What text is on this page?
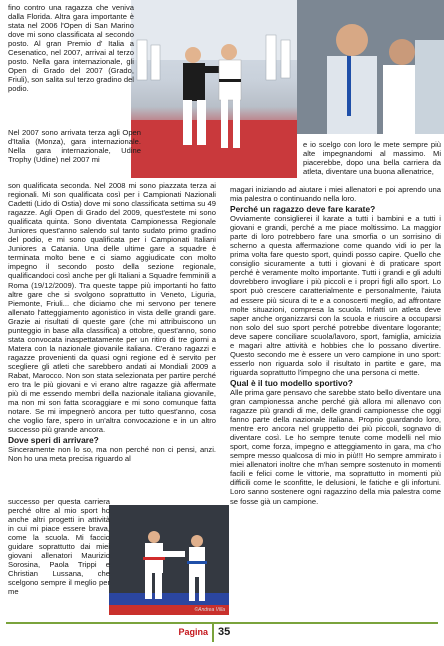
©Andrea Villa

fino contro una ragazza che veniva dalla Florida. Altra gara importante è stata nel 2006 l'Open di San Marino dove mi sono classificata al secondo posto. Al gran Premio d' Italia a Cesenatico, nel 2007, arrivai al terzo posto. Nella gara internazionale, gli Open di Grado del 2007 (Grado, Friuli), son salita sul terzo gradino del podio.

Nel 2007 sono arrivata terza agli Open d'Italia (Monza), gara internazionale. Nella gara internazionale, Udine Trophy (Udine) nel 2007 mi

son qualificata seconda. Nel 2008 mi sono piazzata terza ai regionali. Mi son qualificata così per i Campionati Nazionali Cadetti (Lido di Ostia) dove mi sono classificata settima su 49 ragazze. Agli Open di Grado del 2009, quest'estete mi sono qualificata quinta. Sono diventata Campionessa Regionale Juniores quest'anno salendo sul tanto sudato primo gradino del podio, e mi sono qualificata per i Campionati Italiani Juniores a Catania. Una delle ultime gare a squadre è terminata molto bene e ci siamo aggiudicate con molto impegno il secondo posto della sezione regionale, qualificandoci così anche per gli Italiani a Squadre femminili a Roma (19/12/2009). Tra queste tappe più importanti ho fatto altre gare che si svolgono soprattutto in Veneto, Liguria, Piemonte, Friuli... che diciamo che mi servono per tenere allenato l'atteggiamento agonistico in vista delle grandi gare. Grazie ai risultati di queste gare (che mi attribuiscono un punteggio in base alla classifica) a ottobre, quest'anno, sono stata convocata inaspettatamente per un ritiro di tre giorni a Matera con la nazionale giovanile italiana. C'erano ragazzi e ragazze provenienti da quasi ogni regione ed è servito per scegliere gli atleti che sarebbero andati ai Mondiali 2009 a Rabat, Marocco. Non son stata selezionata per partire perché ero tra le più giovani e vi erano altre ragazze già affermate più di me essendo membri della nazionale italiana giovanile, ma non mi son fatta scoraggiare e mi sono comunque fatta notare. Se mi impegnerò ancora per tutto quest'anno, cosa che voglio fare, spero in un'altra convocazione e in un altro successo più grande ancora.

Dove speri di arrivare?

Sinceramente non lo so, ma non perché non ci pensi, anzi. Non ho una meta precisa riguardo al

successo per questa carriera perché oltre al mio sport ho anche altri progetti in attività in cui mi piace essere brava, come la scuola. Mi faccio guidare soprattutto dai miei giovani allenatori Maurizio Sorosina, Paola Trippi e Christian Lussana, che scelgono sempre il meglio per me

e io scelgo con loro le mete sempre più alte impegnandomi al massimo. Mi piacerebbe, dopo una bella carriera da atleta, diventare una buona allenatrice,

magari iniziando ad aiutare i miei allenatori e poi aprendo una mia palestra o continuando nella loro.

Perché un ragazzo deve fare karate?

Ovviamente consiglierei il karate a tutti i bambini e a tutti i giovani e grandi, perché a me piace moltissimo. La maggior parte di loro potrebbero fare una smorfia o un sorrisino di scherno a questa affermazione come quando vidi io per la prima volta fare questo sport, quindi posso capire. Quello che consiglio sicuramente a tutti i giovani è di praticare sport perché è veramente molto importante. Tutti i grandi e gli adulti dovrebbero invogliare i più piccoli e i propri figli allo sport. Lo sport può crescere caratterialmente e personalmente, l'aiuta ad essere più sicura di te e a conoscerti meglio, ad affrontare molte situazioni, compresa la scuola. Infatti un atleta deve saper anche organizzarsi con la scuola e riuscire a occuparsi non solo del suo sport perché potrebbe diventare logorante; deve sapere conciliare scuola/lavoro, sport, famiglia, amicizia e magari altre attività e hobbies che lo possano divertire. Questo secondo me è essere un vero campione in uno sport: esserlo non riguarda solo il risultato in partite e gare, ma riguarda soprattutto l'impegno che una persona ci mette.

Qual è il tuo modello sportivo?

Alle prima gare pensavo che sarebbe stato bello diventare una gran campionessa anche perché già allora mi allenavo con ragazze più grandi di me, delle grandi campionesse che oggi fanno parte della nazionale italiana. Proprio guardando loro, mentre ero ancora nel gruppetto dei più piccoli, sognavo di diventare così. Le ho sempre tenute come modelli nel mio sport, come forza, impegno e atteggiamento in gara, ma c'ho sempre messo qualcosa di mio in più!!! Ho sempre ammirato i miei allenatori inoltre che m'han sempre sostenuto in momenti facili e felici come le vittorie, ma soprattutto in momenti più difficili come le sconfitte, le delusioni, le fatiche e gli infortuni. Loro sanno sostenere ogni ragazzino della mia palestra come se fosse già un campione.

Pagina 35
